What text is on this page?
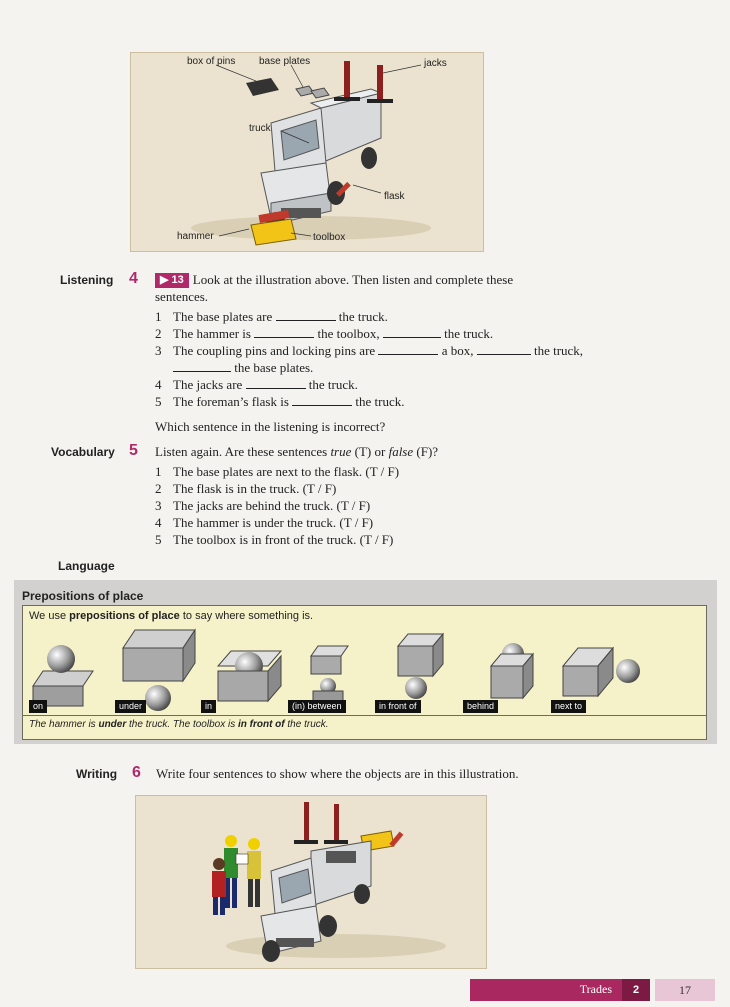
box of pins base plates	jacks
truck
flask
hammer	toolbox
Listening 4	▶ 13 Look at the illustration above. Then listen and complete these
sentences.
1 The base plates are	the truck.
2 The hammer is	the toolbox,	the truck.
3 The coupling pins and locking pins are	a box,	the truck,
the base plates.
4 The jacks are	the truck.
5 The foreman’s flask is	the truck.
Which sentence in the listening is incorrect?
Vocabulary 5 Listen again. Are these sentences true (T) or false (F)?
1 The base plates are next to the flask. (T / F)
2 The flask is in the truck. (T / F)
3 The jacks are behind the truck. (T / F)
4 The hammer is under the truck. (T / F)
5 The toolbox is in front of the truck. (T / F)
Language
Prepositions of place
We use prepositions of place to say where something is.
on	under	in	(in) between	in front of	behind	next to
The hammer is under the truck. The toolbox is in front of the truck.
Writing 6 Write four sentences to show where the objects are in this illustration.
Trades	2	17
